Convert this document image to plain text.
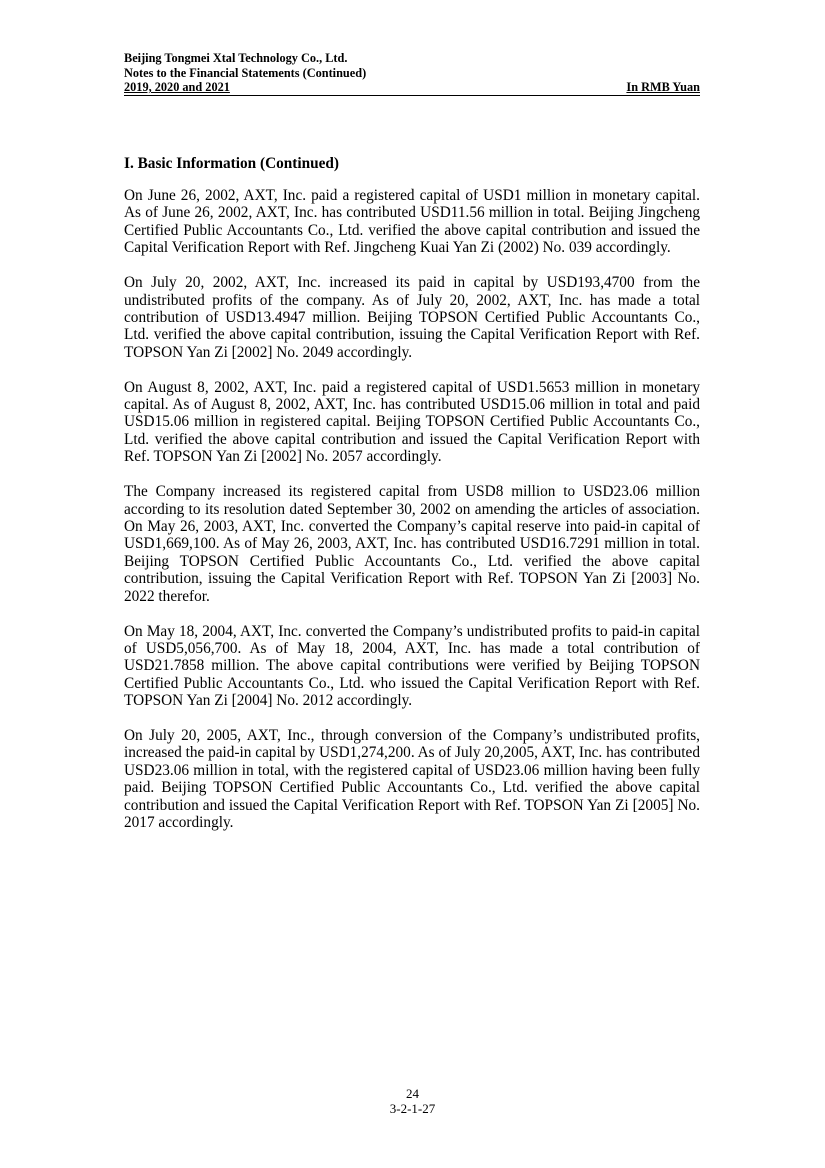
Beijing Tongmei Xtal Technology Co., Ltd.
Notes to the Financial Statements (Continued)
2019, 2020 and 2021	In RMB Yuan
I. Basic Information (Continued)

On June 26, 2002, AXT, Inc. paid a registered capital of USD1 million in monetary capital. As of June 26, 2002, AXT, Inc. has contributed USD11.56 million in total. Beijing Jingcheng Certified Public Accountants Co., Ltd. verified the above capital contribution and issued the Capital Verification Report with Ref. Jingcheng Kuai Yan Zi (2002) No. 039 accordingly.

On July 20, 2002, AXT, Inc. increased its paid in capital by USD193,4700 from the undistributed profits of the company. As of July 20, 2002, AXT, Inc. has made a total contribution of USD13.4947 million. Beijing TOPSON Certified Public Accountants Co., Ltd. verified the above capital contribution, issuing the Capital Verification Report with Ref. TOPSON Yan Zi [2002] No. 2049 accordingly.

On August 8, 2002, AXT, Inc. paid a registered capital of USD1.5653 million in monetary capital. As of August 8, 2002, AXT, Inc. has contributed USD15.06 million in total and paid USD15.06 million in registered capital. Beijing TOPSON Certified Public Accountants Co., Ltd. verified the above capital contribution and issued the Capital Verification Report with Ref. TOPSON Yan Zi [2002] No. 2057 accordingly.

The Company increased its registered capital from USD8 million to USD23.06 million according to its resolution dated September 30, 2002 on amending the articles of association. On May 26, 2003, AXT, Inc. converted the Company’s capital reserve into paid-in capital of USD1,669,100. As of May 26, 2003, AXT, Inc. has contributed USD16.7291 million in total. Beijing TOPSON Certified Public Accountants Co., Ltd. verified the above capital contribution, issuing the Capital Verification Report with Ref. TOPSON Yan Zi [2003] No. 2022 therefor.

On May 18, 2004, AXT, Inc. converted the Company’s undistributed profits to paid-in capital of USD5,056,700. As of May 18, 2004, AXT, Inc. has made a total contribution of USD21.7858 million. The above capital contributions were verified by Beijing TOPSON Certified Public Accountants Co., Ltd. who issued the Capital Verification Report with Ref. TOPSON Yan Zi [2004] No. 2012 accordingly.

On July 20, 2005, AXT, Inc., through conversion of the Company’s undistributed profits, increased the paid-in capital by USD1,274,200. As of July 20,2005, AXT, Inc. has contributed USD23.06 million in total, with the registered capital of USD23.06 million having been fully paid. Beijing TOPSON Certified Public Accountants Co., Ltd. verified the above capital contribution and issued the Capital Verification Report with Ref. TOPSON Yan Zi [2005] No. 2017 accordingly.

24
3-2-1-27
